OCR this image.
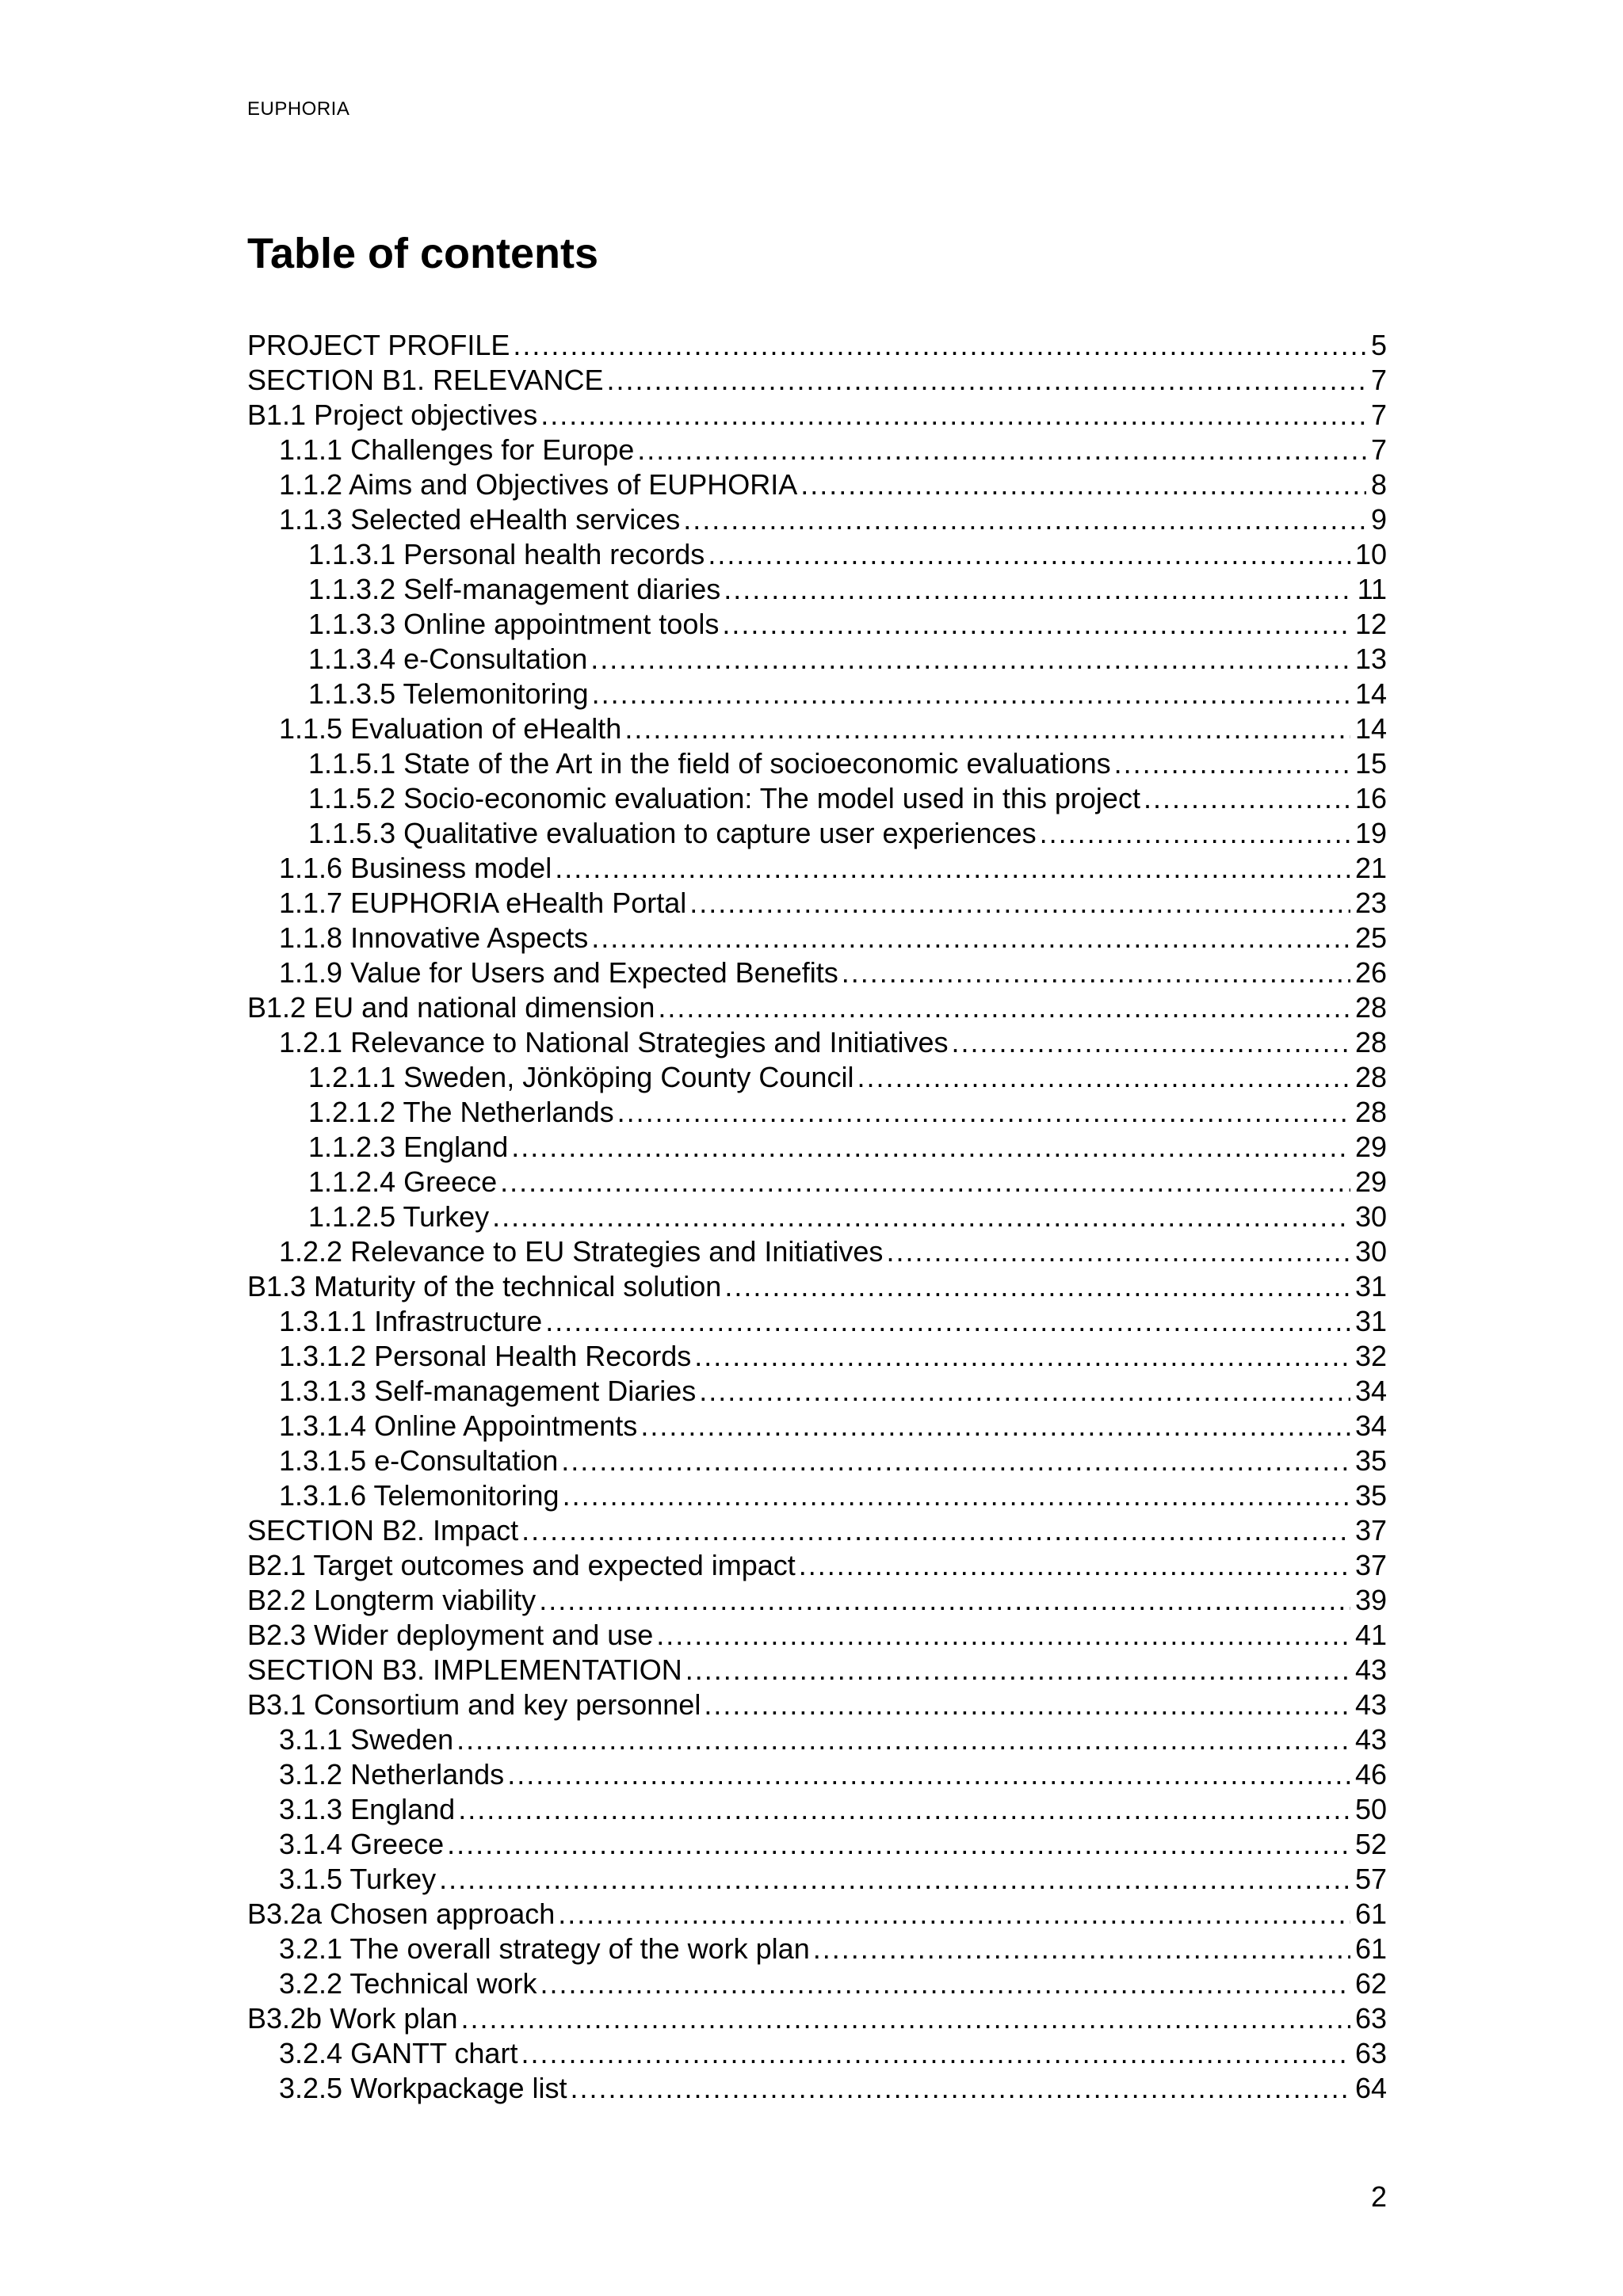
EUPHORIA
Table of contents
PROJECT PROFILE .....	5
SECTION B1. RELEVANCE .....	7
B1.1 Project objectives .....	7
1.1.1 Challenges for Europe .....	7
1.1.2 Aims and Objectives of EUPHORIA .....	8
1.1.3 Selected eHealth services .....	9
1.1.3.1 Personal health records .....	10
1.1.3.2 Self-management diaries .....	11
1.1.3.3 Online appointment tools .....	12
1.1.3.4 e-Consultation .....	13
1.1.3.5 Telemonitoring .....	14
1.1.5 Evaluation of eHealth .....	14
1.1.5.1 State of the Art in the field of socioeconomic evaluations .....	15
1.1.5.2 Socio-economic evaluation: The model used in this project .....	16
1.1.5.3 Qualitative evaluation to capture user experiences .....	19
1.1.6 Business model .....	21
1.1.7 EUPHORIA eHealth Portal .....	23
1.1.8 Innovative Aspects .....	25
1.1.9 Value for Users and Expected Benefits .....	26
B1.2 EU and national dimension .....	28
1.2.1 Relevance to National Strategies and Initiatives .....	28
1.2.1.1 Sweden, Jönköping County Council .....	28
1.2.1.2 The Netherlands .....	28
1.1.2.3 England .....	29
1.1.2.4 Greece .....	29
1.1.2.5 Turkey .....	30
1.2.2 Relevance to EU Strategies and Initiatives .....	30
B1.3 Maturity of the technical solution .....	31
1.3.1.1 Infrastructure .....	31
1.3.1.2 Personal Health Records .....	32
1.3.1.3 Self-management Diaries .....	34
1.3.1.4 Online Appointments .....	34
1.3.1.5 e-Consultation .....	35
1.3.1.6 Telemonitoring .....	35
SECTION B2. Impact .....	37
B2.1 Target outcomes and expected impact .....	37
B2.2 Longterm viability .....	39
B2.3 Wider deployment and use .....	41
SECTION B3. IMPLEMENTATION .....	43
B3.1 Consortium and key personnel .....	43
3.1.1 Sweden .....	43
3.1.2 Netherlands .....	46
3.1.3 England .....	50
3.1.4 Greece .....	52
3.1.5 Turkey .....	57
B3.2a Chosen approach .....	61
3.2.1 The overall strategy of the work plan .....	61
3.2.2 Technical work .....	62
B3.2b Work plan .....	63
3.2.4 GANTT chart .....	63
3.2.5 Workpackage list .....	64
2
